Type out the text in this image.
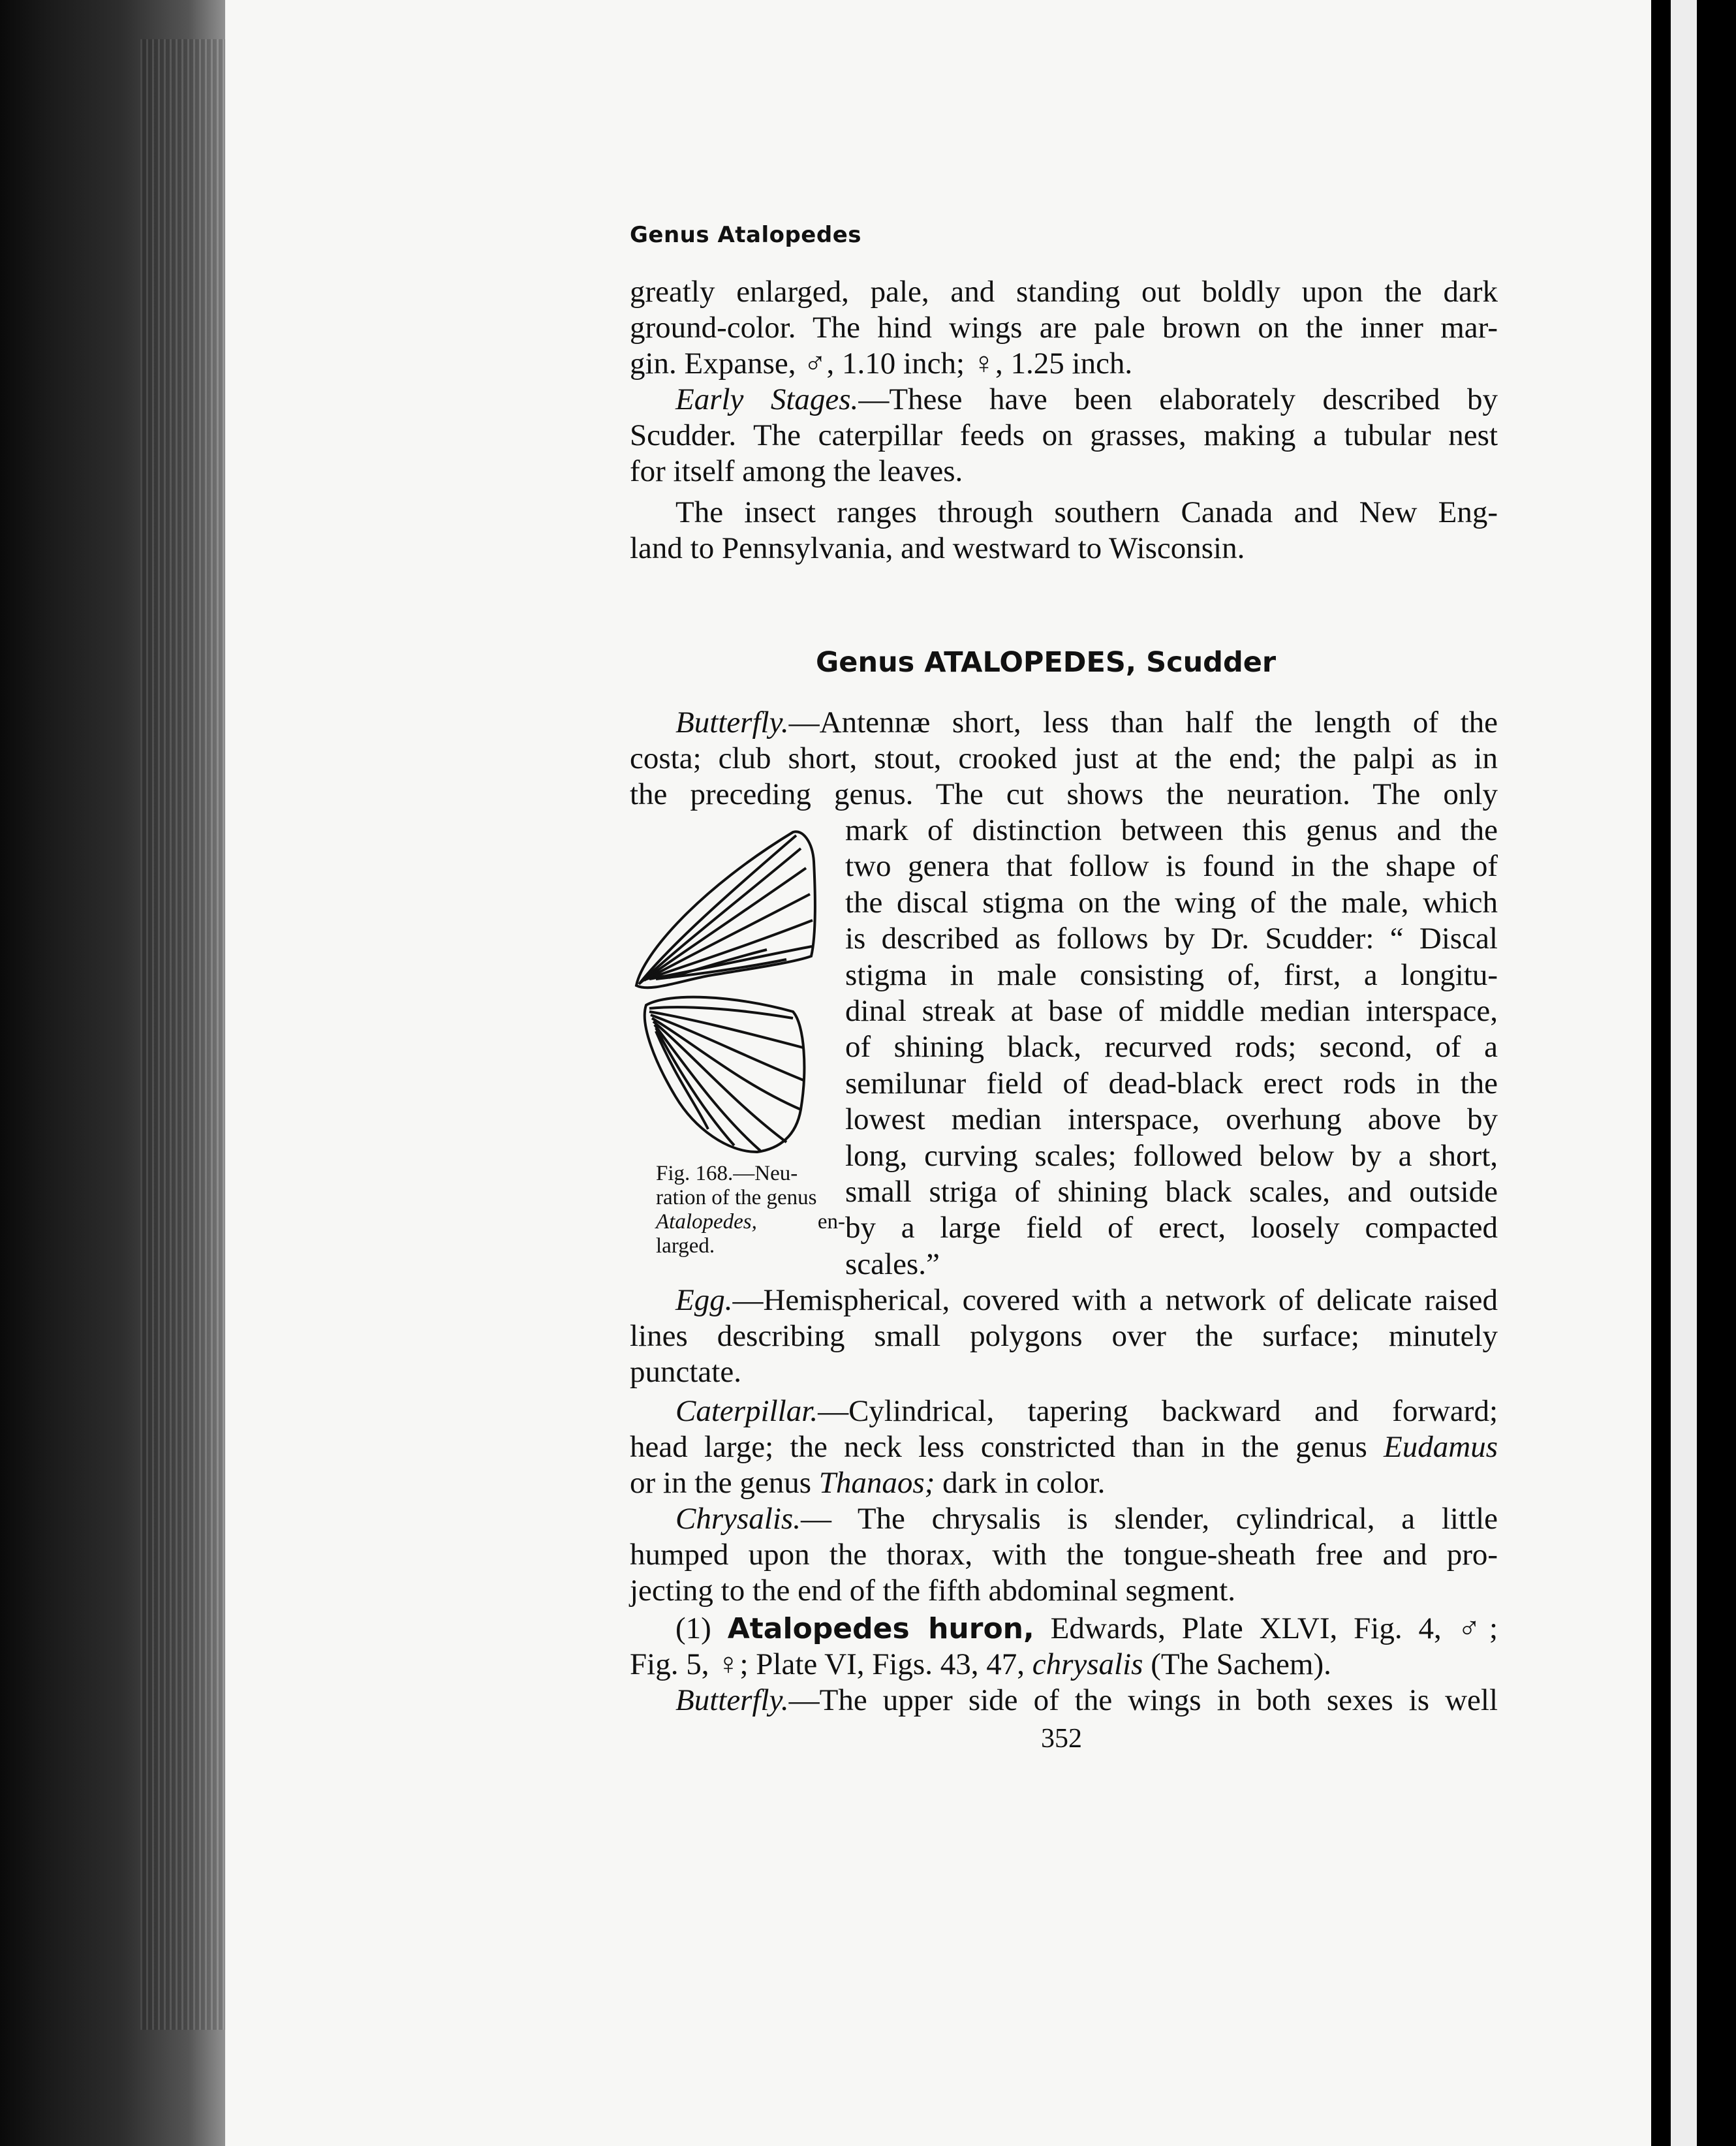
Genus Atalopedes
greatly enlarged, pale, and standing out boldly upon the dark
ground-color. The hind wings are pale brown on the inner mar-
gin. Expanse, ♂, 1.10 inch; ♀, 1.25 inch.
Early Stages.—These have been elaborately described by
Scudder. The caterpillar feeds on grasses, making a tubular nest
for itself among the leaves.
The insect ranges through southern Canada and New Eng-
land to Pennsylvania, and westward to Wisconsin.
Genus ATALOPEDES, Scudder
Butterfly.—Antennæ short, less than half the length of the
costa; club short, stout, crooked just at the end; the palpi as in
the preceding genus. The cut shows the neuration. The only
Fig. 168.—Neu-
ration of the genus
Atalopedes,	en-
larged.
mark of distinction between this genus and the
two genera that follow is found in the shape of
the discal stigma on the wing of the male, which
is described as follows by Dr. Scudder: “ Discal
stigma in male consisting of, first, a longitu-
dinal streak at base of middle median interspace,
of shining black, recurved rods; second, of a
semilunar field of dead-black erect rods in the
lowest median interspace, overhung above by
long, curving scales; followed below by a short,
small striga of shining black scales, and outside
by a large field of erect, loosely compacted
scales.”
Egg.—Hemispherical, covered with a network of delicate raised
lines describing small polygons over the surface; minutely
punctate.
Caterpillar.—Cylindrical, tapering backward and forward;
head large; the neck less constricted than in the genus Eudamus
or in the genus Thanaos; dark in color.
Chrysalis.— The chrysalis is slender, cylindrical, a little
humped upon the thorax, with the tongue-sheath free and pro-
jecting to the end of the fifth abdominal segment.
(1) Atalopedes huron, Edwards, Plate XLVI, Fig. 4, ♂;
Fig. 5, ♀; Plate VI, Figs. 43, 47, chrysalis (The Sachem).
Butterfly.—The upper side of the wings in both sexes is well
352
